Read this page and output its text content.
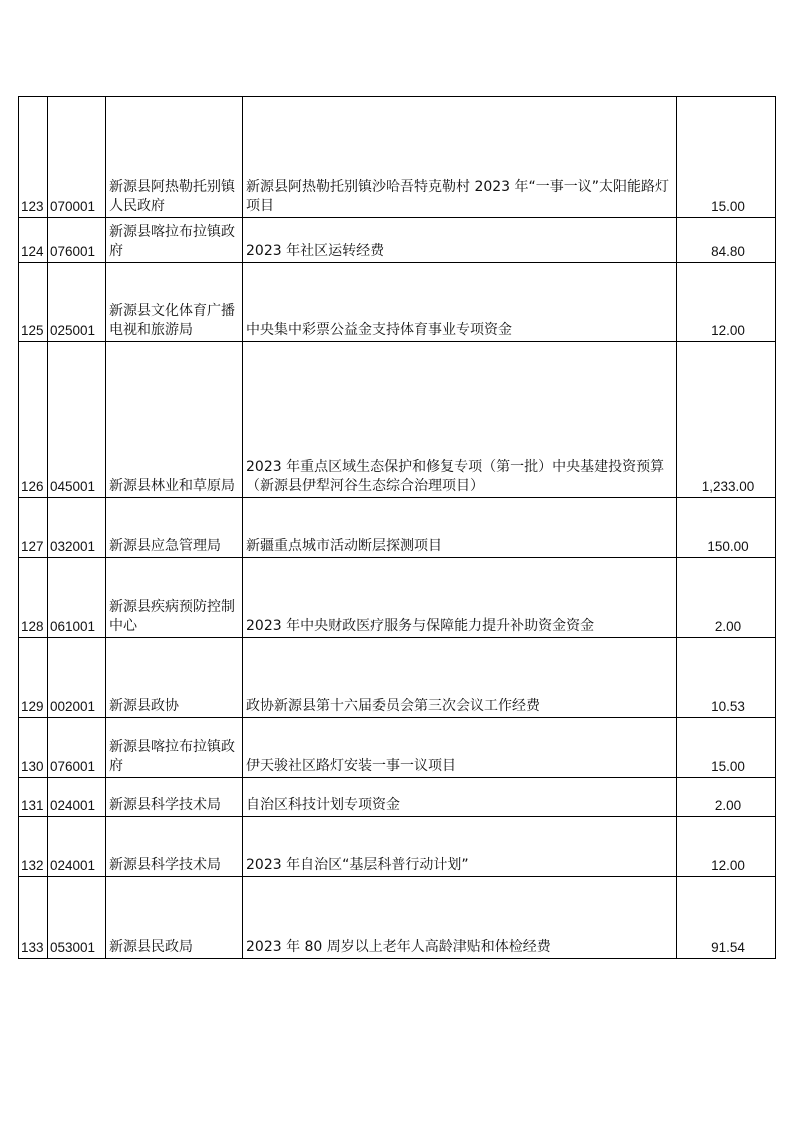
123	070001	新源县阿热勒托别镇人民政府	新源县阿热勒托别镇沙哈吾特克勒村 2023 年“一事一议”太阳能路灯项目	15.00
124	076001	新源县喀拉布拉镇政府	2023 年社区运转经费	84.80
125	025001	新源县文化体育广播电视和旅游局	中央集中彩票公益金支持体育事业专项资金	12.00
126	045001	新源县林业和草原局	2023 年重点区域生态保护和修复专项（第一批）中央基建投资预算（新源县伊犁河谷生态综合治理项目）	1,233.00
127	032001	新源县应急管理局	新疆重点城市活动断层探测项目	150.00
128	061001	新源县疾病预防控制中心	2023 年中央财政医疗服务与保障能力提升补助资金资金	2.00
129	002001	新源县政协	政协新源县第十六届委员会第三次会议工作经费	10.53
130	076001	新源县喀拉布拉镇政府	伊天骏社区路灯安装一事一议项目	15.00
131	024001	新源县科学技术局	自治区科技计划专项资金	2.00
132	024001	新源县科学技术局	2023 年自治区“基层科普行动计划”	12.00
133	053001	新源县民政局	2023 年 80 周岁以上老年人高龄津贴和体检经费	91.54
